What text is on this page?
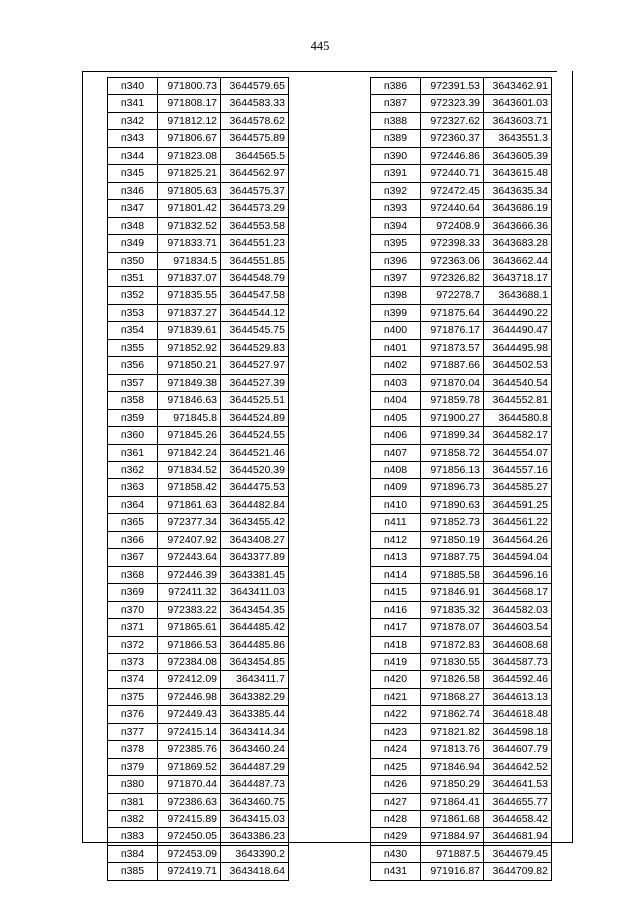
445
п340	971800.73	3644579.65
п341	971808.17	3644583.33
п342	971812.12	3644578.62
п343	971806.67	3644575.89
п344	971823.08	3644565.5
п345	971825.21	3644562.97
п346	971805.63	3644575.37
п347	971801.42	3644573.29
п348	971832.52	3644553.58
п349	971833.71	3644551.23
п350	971834.5	3644551.85
п351	971837.07	3644548.79
п352	971835.55	3644547.58
п353	971837.27	3644544.12
п354	971839.61	3644545.75
п355	971852.92	3644529.83
п356	971850.21	3644527.97
п357	971849.38	3644527.39
п358	971846.63	3644525.51
п359	971845.8	3644524.89
п360	971845.26	3644524.55
п361	971842.24	3644521.46
п362	971834.52	3644520.39
п363	971858.42	3644475.53
п364	971861.63	3644482.84
п365	972377.34	3643455.42
п366	972407.92	3643408.27
п367	972443.64	3643377.89
п368	972446.39	3643381.45
п369	972411.32	3643411.03
п370	972383.22	3643454.35
п371	971865.61	3644485.42
п372	971866.53	3644485.86
п373	972384.08	3643454.85
п374	972412.09	3643411.7
п375	972446.98	3643382.29
п376	972449.43	3643385.44
п377	972415.14	3643414.34
п378	972385.76	3643460.24
п379	971869.52	3644487.29
п380	971870.44	3644487.73
п381	972386.63	3643460.75
п382	972415.89	3643415.03
п383	972450.05	3643386.23
п384	972453.09	3643390.2
п385	972419.71	3643418.64
п386	972391.53	3643462.91
п387	972323.39	3643601.03
п388	972327.62	3643603.71
п389	972360.37	3643551.3
п390	972446.86	3643605.39
п391	972440.71	3643615.48
п392	972472.45	3643635.34
п393	972440.64	3643686.19
п394	972408.9	3643666.36
п395	972398.33	3643683.28
п396	972363.06	3643662.44
п397	972326.82	3643718.17
п398	972278.7	3643688.1
п399	971875.64	3644490.22
п400	971876.17	3644490.47
п401	971873.57	3644495.98
п402	971887.66	3644502.53
п403	971870.04	3644540.54
п404	971859.78	3644552.81
п405	971900.27	3644580.8
п406	971899.34	3644582.17
п407	971858.72	3644554.07
п408	971856.13	3644557.16
п409	971896.73	3644585.27
п410	971890.63	3644591.25
п411	971852.73	3644561.22
п412	971850.19	3644564.26
п413	971887.75	3644594.04
п414	971885.58	3644596.16
п415	971846.91	3644568.17
п416	971835.32	3644582.03
п417	971878.07	3644603.54
п418	971872.83	3644608.68
п419	971830.55	3644587.73
п420	971826.58	3644592.46
п421	971868.27	3644613.13
п422	971862.74	3644618.48
п423	971821.82	3644598.18
п424	971813.76	3644607.79
п425	971846.94	3644642.52
п426	971850.29	3644641.53
п427	971864.41	3644655.77
п428	971861.68	3644658.42
п429	971884.97	3644681.94
п430	971887.5	3644679.45
п431	971916.87	3644709.82
